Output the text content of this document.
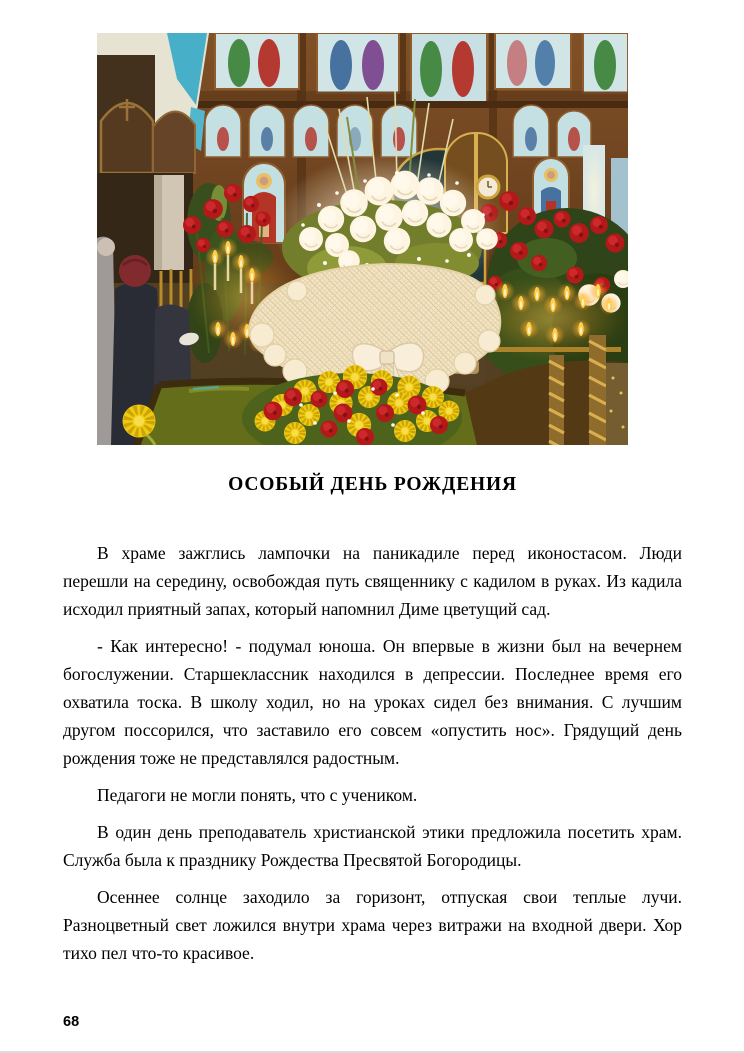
ОСОБЫЙ ДЕНЬ РОЖДЕНИЯ

В храме зажглись лампочки на паникадиле перед иконостасом. Люди перешли на середину, освобождая путь священнику с кадилом в руках. Из кадила исходил приятный запах, который напомнил Диме цветущий сад.

- Как интересно! - подумал юноша. Он впервые в жизни был на вечернем богослужении. Старшеклассник находился в депрессии. Последнее время его охватила тоска. В школу ходил, но на уроках сидел без внимания. С лучшим другом поссорился, что заставило его совсем «опустить нос». Грядущий день рождения тоже не представлялся радостным.

Педагоги не могли понять, что с учеником.

В один день преподаватель христианской этики предложила посетить храм. Служба была к празднику Рождества Пресвятой Богородицы.

Осеннее солнце заходило за горизонт, отпуская свои теплые лучи. Разноцветный свет ложился внутри храма через витражи на входной двери. Хор тихо пел что-то красивое.

68
